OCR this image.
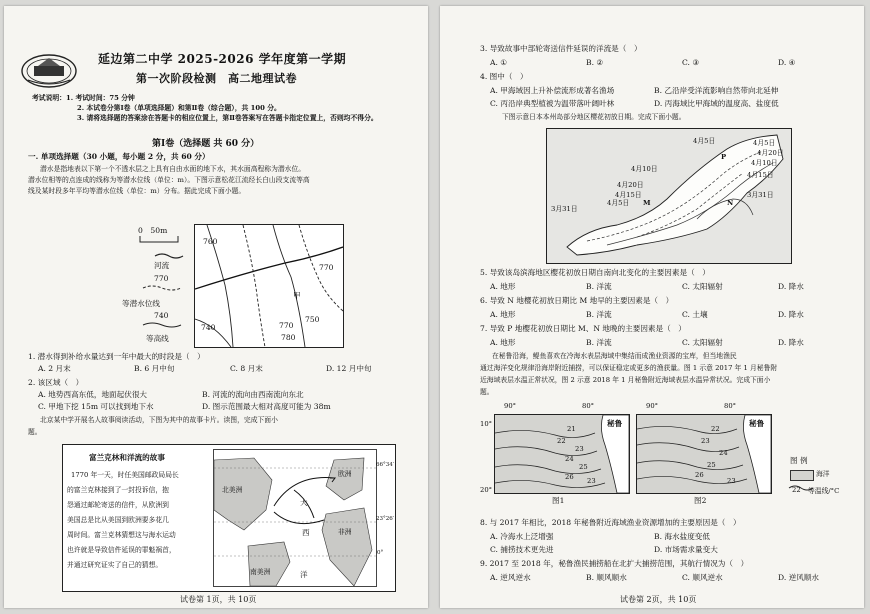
延边第二中学 2025-2026 学年度第一学期
第一次阶段检测　高二地理试卷
考试说明：1. 考试时间：75 分钟
2. 本试卷分第Ⅰ卷（单项选择题）和第Ⅱ卷（综合题），共 100 分。
3. 请将选择题的答案涂在答题卡的相应位置上，第Ⅱ卷答案写在答题卡指定位置上，否则均不得分。
第Ⅰ卷（选择题 共 60 分）
一. 单项选择题（30 小题，每小题 2 分，共 60 分）
潜水是指地表以下第一个不透水层之上具有自由水面的地下水，其水面高程称为潜水位。
潜水位相等的点连成的线称为等潜水位线（单位：m）。下图示意松花江流经长白山段支流等高
线及某时段多年平均等潜水位线（单位：m）分布。据此完成下面小题。
0　50m
河流
770
等潜水位线
740
等高线
760
770
770
750
780
740
甲
1. 潜水得到补给水量达到一年中最大的时段是（　）
A. 2 月末	B. 6 月中旬	C. 8 月末	D. 12 月中旬
2. 该区域（　）
A. 地势西高东低，地面起伏很大	B. 河流的流向由西南流向东北
C. 甲地下挖 15m 可以找到地下水	D. 图示范围最大相对高度可能为 38m
北京某中学开展名人故事阅读活动，下图为其中的故事卡片。读图，完成下面小
题。
富兰克林和洋流的故事
1770 年一天，时任美国邮政局局长
的富兰克林接到了一封投诉信，抱
怨通过邮轮寄送的信件，从欧洲到
美国总是比从美国到欧洲要多花几
周时间。富兰克林猜想这与海水运动
也许就是导致信件延误的罪魁祸首，
并通过研究证实了自己的猜想。
北美洲
欧洲
大
西
洋
非洲
南美洲
66°34′
23°26′
0°
试卷第 1页，共 10页
3. 导致故事中部轮寄送信件延误的洋流是（　）
A. ①	B. ②	C. ③	D. ④
4. 图中（　）
A. 甲海域因上升补偿流形成著名渔场	B. 乙沿岸受洋流影响自然带向北延伸
C. 丙沿岸典型植被为温带落叶阔叶林	D. 丙海域比甲海域的温度高、盐度低
下图示意日本本州岛部分地区樱花初放日期。完成下面小题。
4月5日	4月5日
4月10日
4月20日
4月10日
4月15日
4月15日
4月20日
4月5日
3月31日
3月31日
M	N
P
5. 导致该岛滨海地区樱花初放日期自南向北变化的主要因素是（　）
A. 地形	B. 洋流	C. 太阳辐射	D. 降水
6. 导致 N 地樱花初放日期比 M 地早的主要因素是（　）
A. 地形	B. 洋流	C. 土壤	D. 降水
7. 导致 P 地樱花初放日期比 M、N 地晚的主要因素是（　）
A. 地形	B. 洋流	C. 太阳辐射	D. 降水
在秘鲁沿海，鳀鱼喜欢在冷海水表层海域中集结而成渔业资源的宝库，但当地渔民
通过海洋变化规律沿海岸附近捕捞，可以保证稳定或更多的渔获量。图 1 示意 2017 年 1 月秘鲁附
近海域表层水温正常状况，图 2 示意 2018 年 1 月秘鲁附近海域表层水温异常状况。完成下面小
题。
90°	80°	90°	80°
10°
20°
21
22
23
24
25
26 23
秘鲁
22
23
24
25
26
23
秘鲁
图1	图2
图 例
海洋
22 等温线/°C
8. 与 2017 年相比，2018 年秘鲁附近海域渔业资源增加的主要原因是（　）
A. 冷海水上泛增强	B. 海水盐度变低
C. 捕捞技术更先进	D. 市场需求量变大
9. 2017 至 2018 年，秘鲁渔民捕捞船在北扩大捕捞范围，其航行情况为（　）
A. 逆风逆水	B. 顺风顺水	C. 顺风逆水	D. 逆风顺水
试卷第 2页，共 10页
